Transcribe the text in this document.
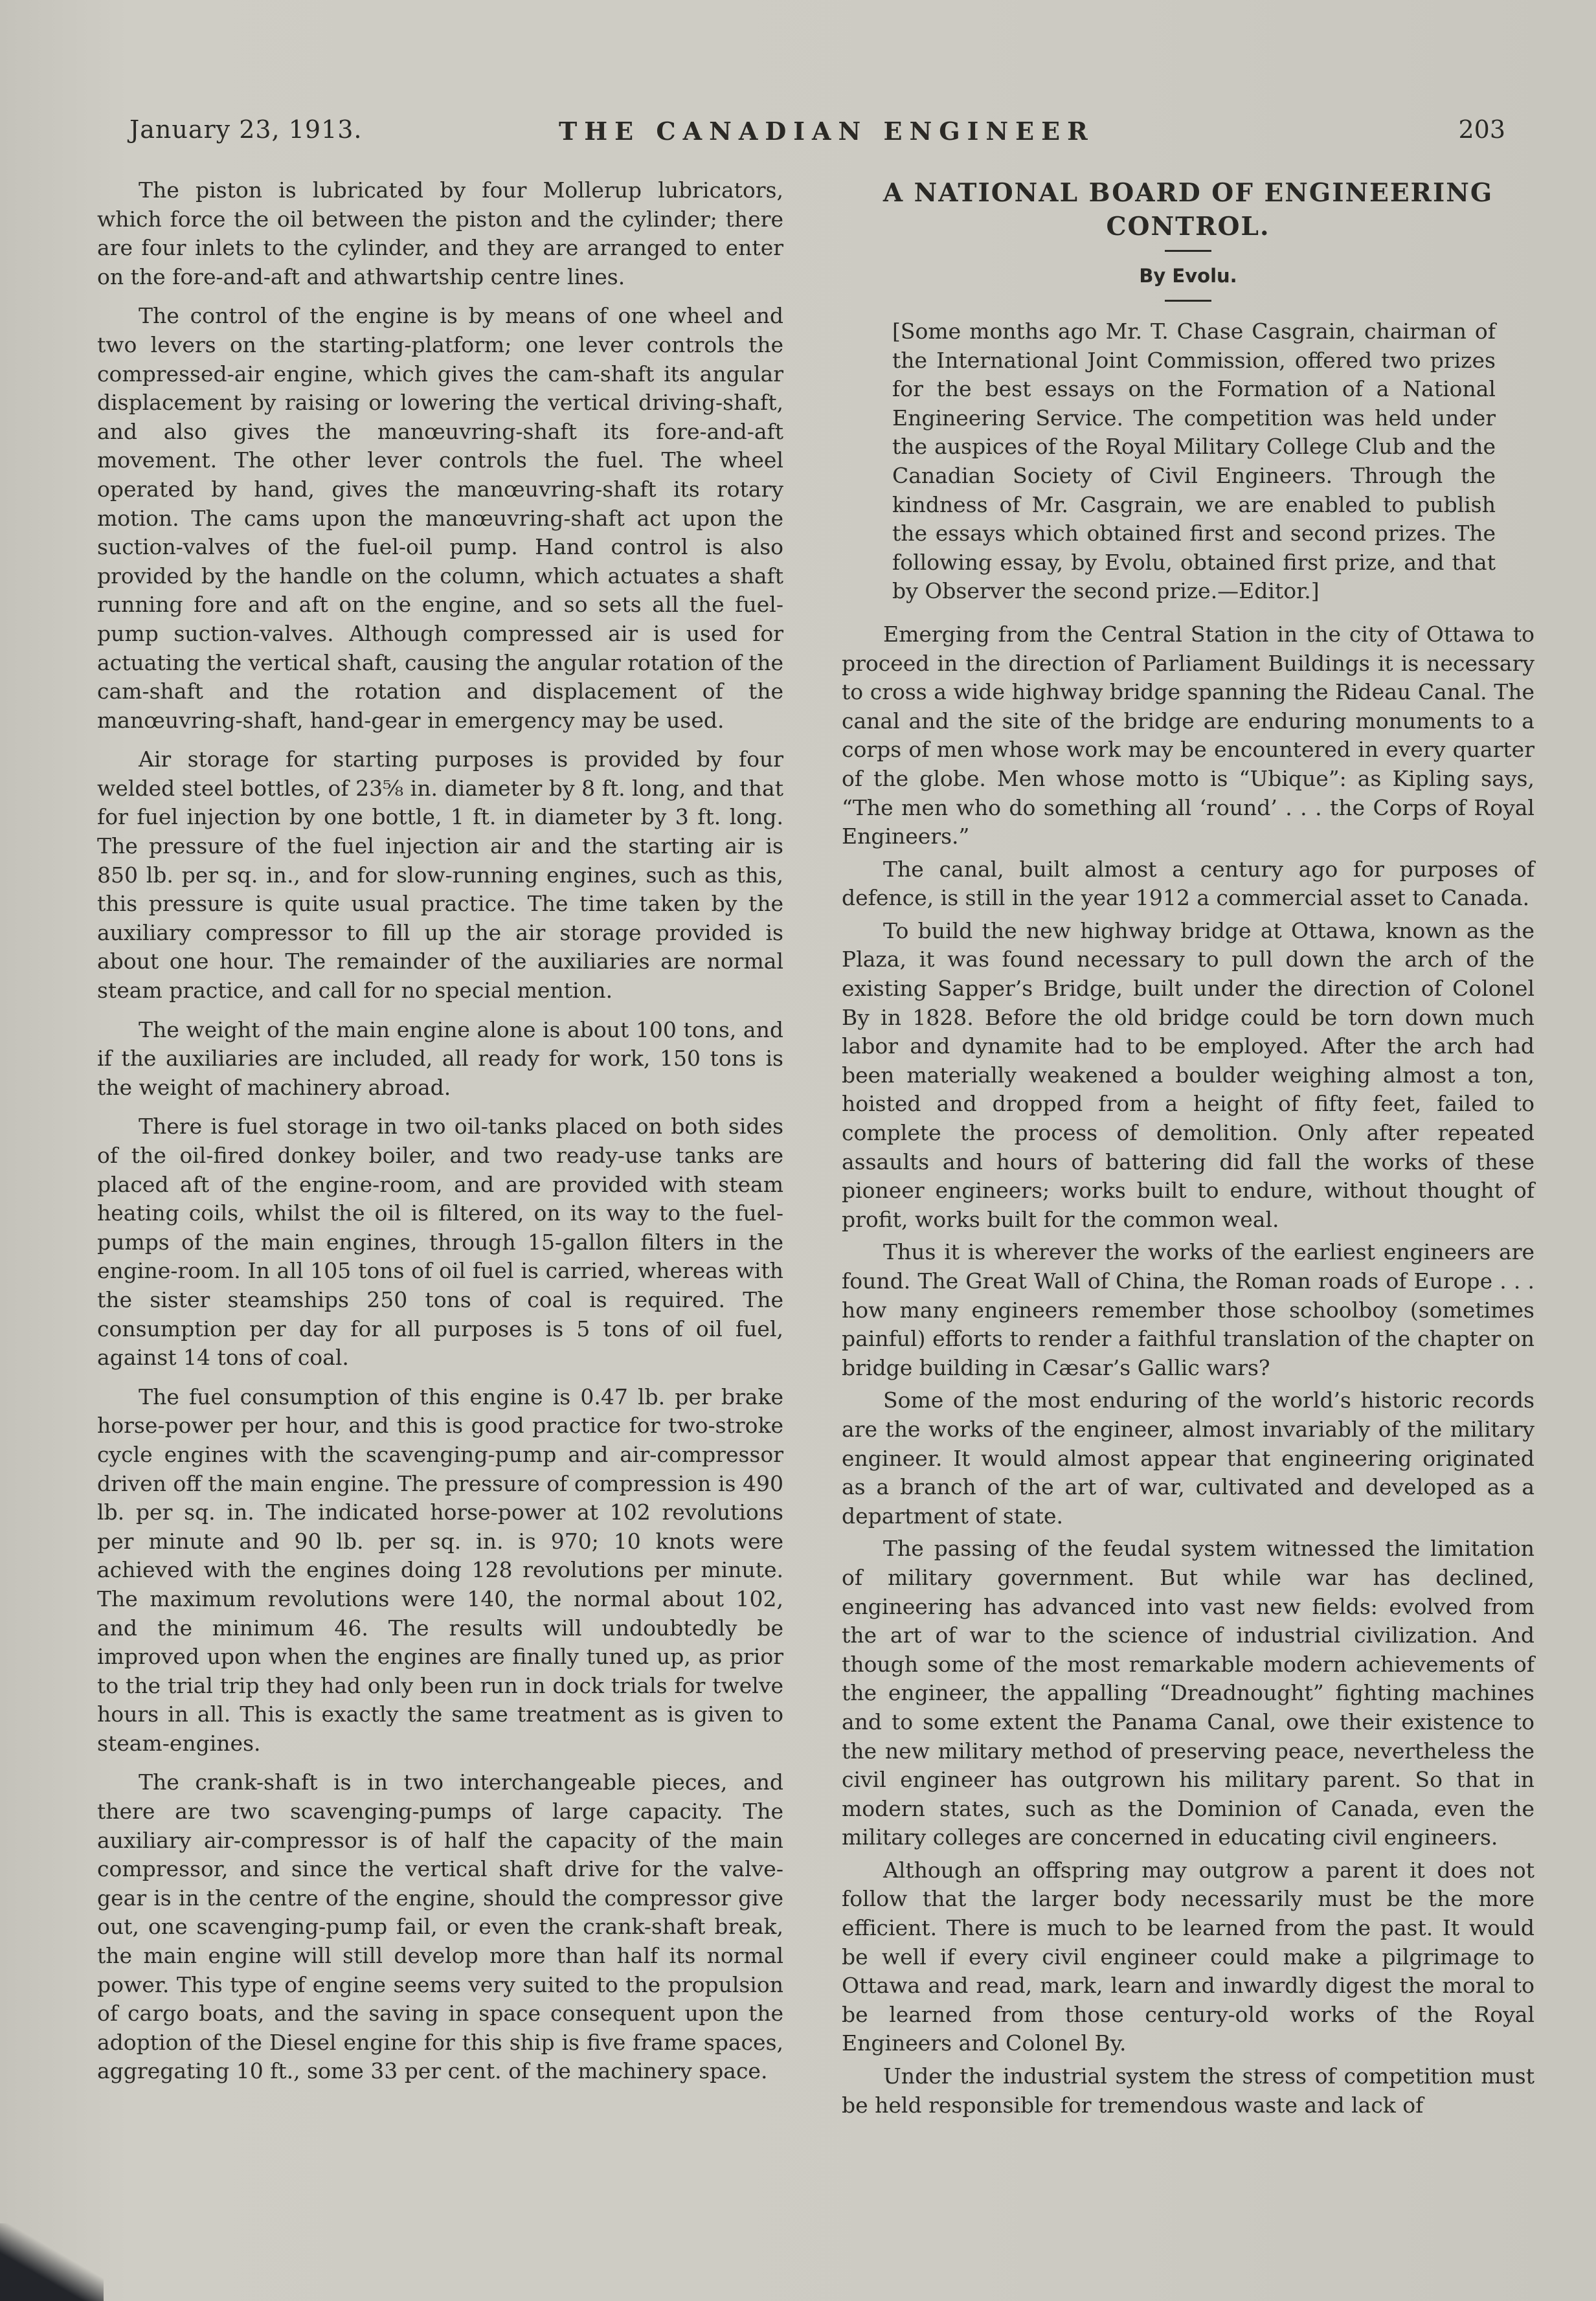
January 23, 1913.	THE CANADIAN ENGINEER	203

The piston is lubricated by four Mollerup lubricators, which force the oil between the piston and the cylinder; there are four inlets to the cylinder, and they are arranged to enter on the fore-and-aft and athwartship centre lines.

The control of the engine is by means of one wheel and two levers on the starting-platform; one lever controls the compressed-air engine, which gives the cam-shaft its angular displacement by raising or lowering the vertical driving-shaft, and also gives the manœuvring-shaft its fore-and-aft movement. The other lever controls the fuel. The wheel operated by hand, gives the manœuvring-shaft its rotary motion. The cams upon the manœuvring-shaft act upon the suction-valves of the fuel-oil pump. Hand control is also provided by the handle on the column, which actuates a shaft running fore and aft on the engine, and so sets all the fuel-pump suction-valves. Although compressed air is used for actuating the vertical shaft, causing the angular rotation of the cam-shaft and the rotation and displacement of the manœuvring-shaft, hand-gear in emergency may be used.

Air storage for starting purposes is provided by four welded steel bottles, of 23⅝ in. diameter by 8 ft. long, and that for fuel injection by one bottle, 1 ft. in diameter by 3 ft. long. The pressure of the fuel injection air and the starting air is 850 lb. per sq. in., and for slow-running engines, such as this, this pressure is quite usual practice. The time taken by the auxiliary compressor to fill up the air storage provided is about one hour. The remainder of the auxiliaries are normal steam practice, and call for no special mention.

The weight of the main engine alone is about 100 tons, and if the auxiliaries are included, all ready for work, 150 tons is the weight of machinery abroad.

There is fuel storage in two oil-tanks placed on both sides of the oil-fired donkey boiler, and two ready-use tanks are placed aft of the engine-room, and are provided with steam heating coils, whilst the oil is filtered, on its way to the fuel-pumps of the main engines, through 15-gallon filters in the engine-room. In all 105 tons of oil fuel is carried, whereas with the sister steamships 250 tons of coal is required. The consumption per day for all purposes is 5 tons of oil fuel, against 14 tons of coal.

The fuel consumption of this engine is 0.47 lb. per brake horse-power per hour, and this is good practice for two-stroke cycle engines with the scavenging-pump and air-compressor driven off the main engine. The pressure of compression is 490 lb. per sq. in. The indicated horse-power at 102 revolutions per minute and 90 lb. per sq. in. is 970; 10 knots were achieved with the engines doing 128 revolutions per minute. The maximum revolutions were 140, the normal about 102, and the minimum 46. The results will undoubtedly be improved upon when the engines are finally tuned up, as prior to the trial trip they had only been run in dock trials for twelve hours in all. This is exactly the same treatment as is given to steam-engines.

The crank-shaft is in two interchangeable pieces, and there are two scavenging-pumps of large capacity. The auxiliary air-compressor is of half the capacity of the main compressor, and since the vertical shaft drive for the valve-gear is in the centre of the engine, should the compressor give out, one scavenging-pump fail, or even the crank-shaft break, the main engine will still develop more than half its normal power. This type of engine seems very suited to the propulsion of cargo boats, and the saving in space consequent upon the adoption of the Diesel engine for this ship is five frame spaces, aggregating 10 ft., some 33 per cent. of the machinery space.

A NATIONAL BOARD OF ENGINEERING CONTROL.
By Evolu.

[Some months ago Mr. T. Chase Casgrain, chairman of the International Joint Commission, offered two prizes for the best essays on the Formation of a National Engineering Service. The competition was held under the auspices of the Royal Military College Club and the Canadian Society of Civil Engineers. Through the kindness of Mr. Casgrain, we are enabled to publish the essays which obtained first and second prizes. The following essay, by Evolu, obtained first prize, and that by Observer the second prize.—Editor.]

Emerging from the Central Station in the city of Ottawa to proceed in the direction of Parliament Buildings it is necessary to cross a wide highway bridge spanning the Rideau Canal. The canal and the site of the bridge are enduring monuments to a corps of men whose work may be encountered in every quarter of the globe. Men whose motto is “Ubique”: as Kipling says, “The men who do something all ‘round’ . . . the Corps of Royal Engineers.”

The canal, built almost a century ago for purposes of defence, is still in the year 1912 a commercial asset to Canada.

To build the new highway bridge at Ottawa, known as the Plaza, it was found necessary to pull down the arch of the existing Sapper’s Bridge, built under the direction of Colonel By in 1828. Before the old bridge could be torn down much labor and dynamite had to be employed. After the arch had been materially weakened a boulder weighing almost a ton, hoisted and dropped from a height of fifty feet, failed to complete the process of demolition. Only after repeated assaults and hours of battering did fall the works of these pioneer engineers; works built to endure, without thought of profit, works built for the common weal.

Thus it is wherever the works of the earliest engineers are found. The Great Wall of China, the Roman roads of Europe . . . how many engineers remember those schoolboy (sometimes painful) efforts to render a faithful translation of the chapter on bridge building in Cæsar’s Gallic wars?

Some of the most enduring of the world’s historic records are the works of the engineer, almost invariably of the military engineer. It would almost appear that engineering originated as a branch of the art of war, cultivated and developed as a department of state.

The passing of the feudal system witnessed the limitation of military government. But while war has declined, engineering has advanced into vast new fields: evolved from the art of war to the science of industrial civilization. And though some of the most remarkable modern achievements of the engineer, the appalling “Dreadnought” fighting machines and to some extent the Panama Canal, owe their existence to the new military method of preserving peace, nevertheless the civil engineer has outgrown his military parent. So that in modern states, such as the Dominion of Canada, even the military colleges are concerned in educating civil engineers.

Although an offspring may outgrow a parent it does not follow that the larger body necessarily must be the more efficient. There is much to be learned from the past. It would be well if every civil engineer could make a pilgrimage to Ottawa and read, mark, learn and inwardly digest the moral to be learned from those century-old works of the Royal Engineers and Colonel By.

Under the industrial system the stress of competition must be held responsible for tremendous waste and lack of
